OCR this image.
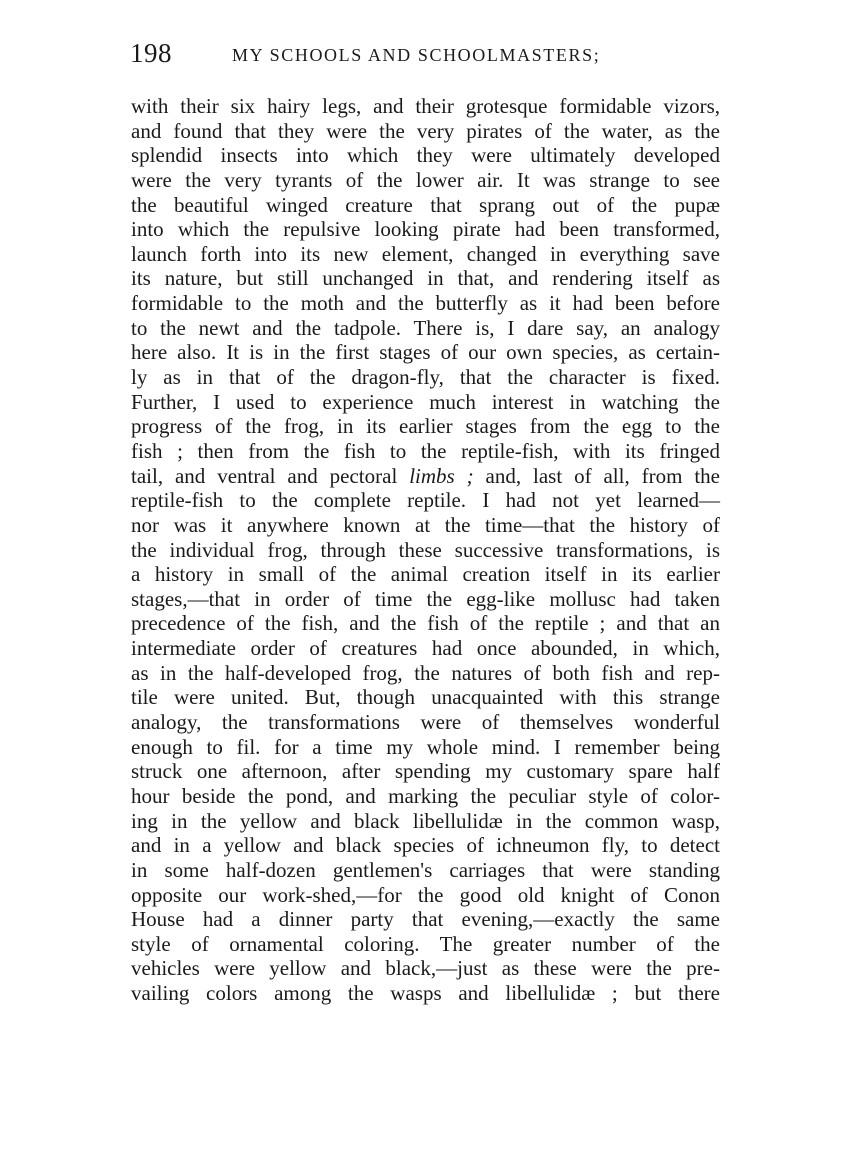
198	MY SCHOOLS AND SCHOOLMASTERS;
with their six hairy legs, and their grotesque formidable vizors,
and found that they were the very pirates of the water, as the
splendid insects into which they were ultimately developed
were the very tyrants of the lower air. It was strange to see
the beautiful winged creature that sprang out of the pupæ
into which the repulsive looking pirate had been transformed,
launch forth into its new element, changed in everything save
its nature, but still unchanged in that, and rendering itself as
formidable to the moth and the butterfly as it had been before
to the newt and the tadpole. There is, I dare say, an analogy
here also. It is in the first stages of our own species, as certain-
ly as in that of the dragon-fly, that the character is fixed.
Further, I used to experience much interest in watching the
progress of the frog, in its earlier stages from the egg to the
fish ; then from the fish to the reptile-fish, with its fringed
tail, and ventral and pectoral limbs ; and, last of all, from the
reptile-fish to the complete reptile. I had not yet learned—
nor was it anywhere known at the time—that the history of
the individual frog, through these successive transformations, is
a history in small of the animal creation itself in its earlier
stages,—that in order of time the egg-like mollusc had taken
precedence of the fish, and the fish of the reptile ; and that an
intermediate order of creatures had once abounded, in which,
as in the half-developed frog, the natures of both fish and rep-
tile were united. But, though unacquainted with this strange
analogy, the transformations were of themselves wonderful
enough to fil. for a time my whole mind. I remember being
struck one afternoon, after spending my customary spare half
hour beside the pond, and marking the peculiar style of color-
ing in the yellow and black libellulidæ in the common wasp,
and in a yellow and black species of ichneumon fly, to detect
in some half-dozen gentlemen's carriages that were standing
opposite our work-shed,—for the good old knight of Conon
House had a dinner party that evening,—exactly the same
style of ornamental coloring. The greater number of the
vehicles were yellow and black,—just as these were the pre-
vailing colors among the wasps and libellulidæ ; but there
